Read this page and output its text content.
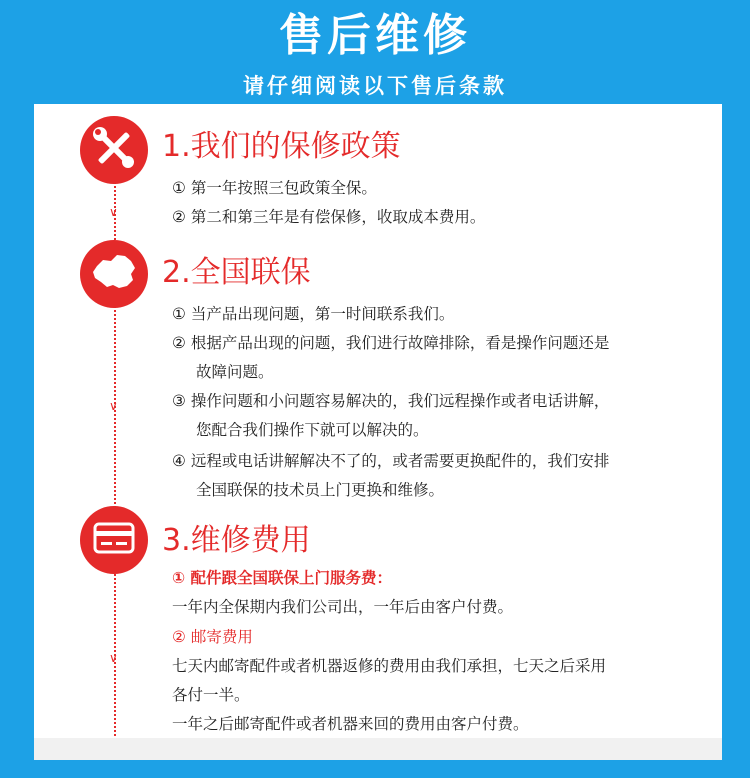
售后维修
请仔细阅读以下售后条款
∨
∨
∨
1.我们的保修政策
① 第一年按照三包政策全保。
② 第二和第三年是有偿保修，收取成本费用。
2.全国联保
① 当产品出现问题，第一时间联系我们。
② 根据产品出现的问题，我们进行故障排除，看是操作问题还是
故障问题。
③ 操作问题和小问题容易解决的，我们远程操作或者电话讲解，
您配合我们操作下就可以解决的。
④ 远程或电话讲解解决不了的，或者需要更换配件的，我们安排
全国联保的技术员上门更换和维修。
3.维修费用
① 配件跟全国联保上门服务费：
一年内全保期内我们公司出，一年后由客户付费。
② 邮寄费用
七天内邮寄配件或者机器返修的费用由我们承担，七天之后采用
各付一半。
一年之后邮寄配件或者机器来回的费用由客户付费。
